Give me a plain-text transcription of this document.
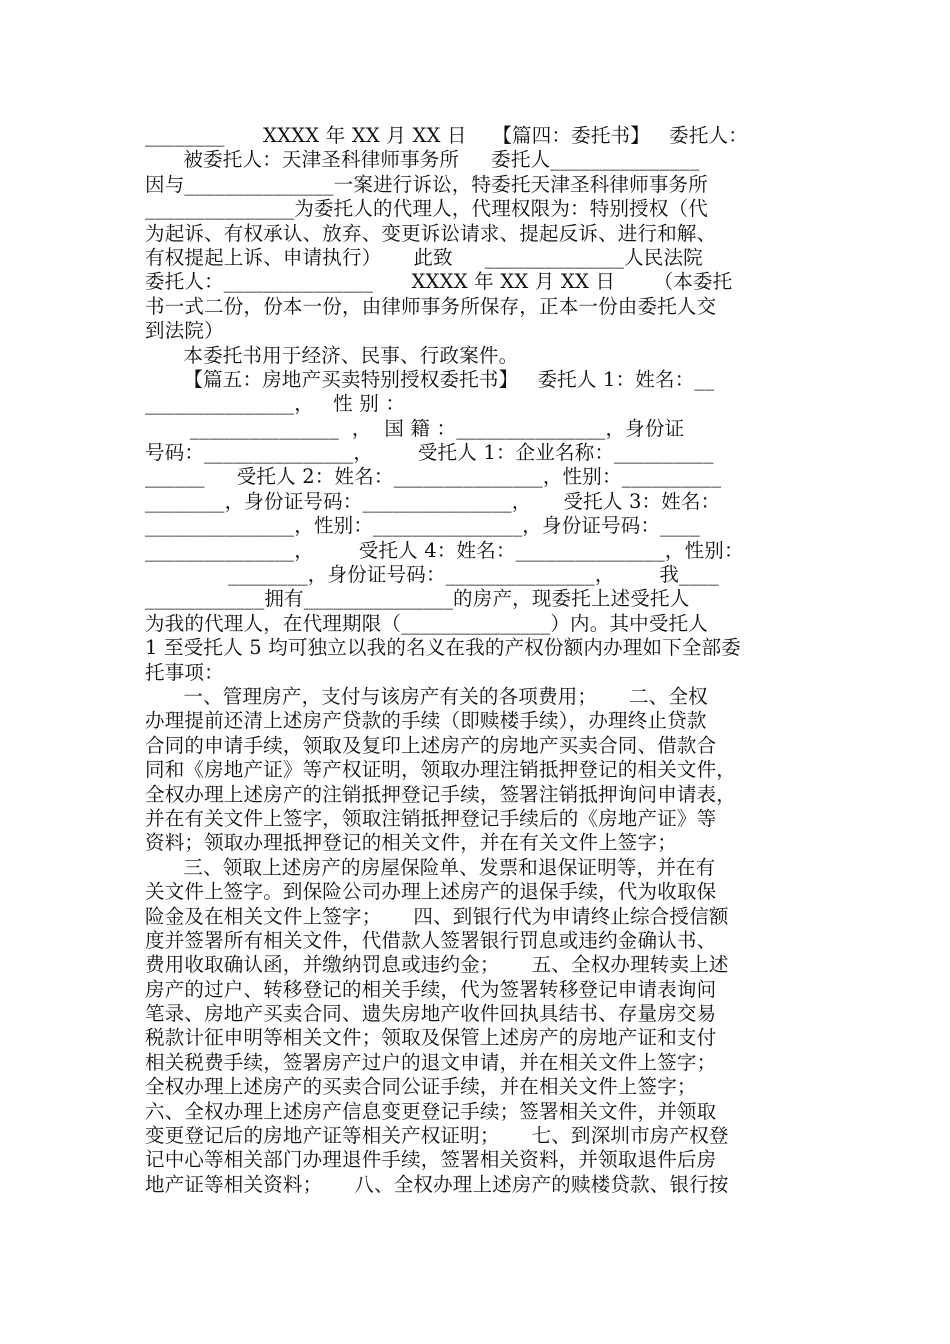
________      XXXX 年 XX 月 XX 日    【篇四：委托书】   委托人：
被委托人：天津圣科律师事务所     委托人_______________
因与_______________一案进行诉讼，特委托天津圣科律师事务所
_______________为委托人的代理人，代理权限为：特别授权（代
为起诉、有权承认、放弃、变更诉讼请求、提起反诉、进行和解、
有权提起上诉、申请执行）     此致     ______________人民法院
委托人：_______________      XXXX 年 XX 月 XX 日      （本委托
书一式二份，份本一份，由律师事务所保存，正本一份由委托人交
到法院）
本委托书用于经济、民事、行政案件。
【篇五：房地产买卖特别授权委托书】   委托人 1：姓名：__
_______________，   性 别 ：
_______________  ，  国 籍 ：_______________，身份证
号码：_______________，       受托人 1：企业名称：__________
______     受托人 2：姓名：_______________，性别：__________
________，身份证号码：_______________，     受托人 3：姓名：
_______________，性别：_______________，身份证号码：____
_______________，       受托人 4：姓名：_______________，性别：
________，身份证号码：_______________，       我____
____________拥有_______________的房产，现委托上述受托人
为我的代理人，在代理期限（_______________）内。其中受托人
1 至受托人 5 均可独立以我的名义在我的产权份额内办理如下全部委
托事项：
一、管理房产，支付与该房产有关的各项费用；     二、全权
办理提前还清上述房产贷款的手续（即赎楼手续），办理终止贷款
合同的申请手续，领取及复印上述房产的房地产买卖合同、借款合
同和《房地产证》等产权证明，领取办理注销抵押登记的相关文件，
全权办理上述房产的注销抵押登记手续，签署注销抵押询问申请表，
并在有关文件上签字，领取注销抵押登记手续后的《房地产证》等
资料；领取办理抵押登记的相关文件，并在有关文件上签字；
三、领取上述房产的房屋保险单、发票和退保证明等，并在有
关文件上签字。到保险公司办理上述房产的退保手续，代为收取保
险金及在相关文件上签字；     四、到银行代为申请终止综合授信额
度并签署所有相关文件，代借款人签署银行罚息或违约金确认书、
费用收取确认函，并缴纳罚息或违约金；     五、全权办理转卖上述
房产的过户、转移登记的相关手续，代为签署转移登记申请表询问
笔录、房地产买卖合同、遗失房地产收件回执具结书、存量房交易
税款计征申明等相关文件；领取及保管上述房产的房地产证和支付
相关税费手续，签署房产过户的退文申请，并在相关文件上签字；
全权办理上述房产的买卖合同公证手续，并在相关文件上签字；
六、全权办理上述房产信息变更登记手续；签署相关文件，并领取
变更登记后的房地产证等相关产权证明；     七、到深圳市房产权登
记中心等相关部门办理退件手续，签署相关资料，并领取退件后房
地产证等相关资料；     八、全权办理上述房产的赎楼贷款、银行按
